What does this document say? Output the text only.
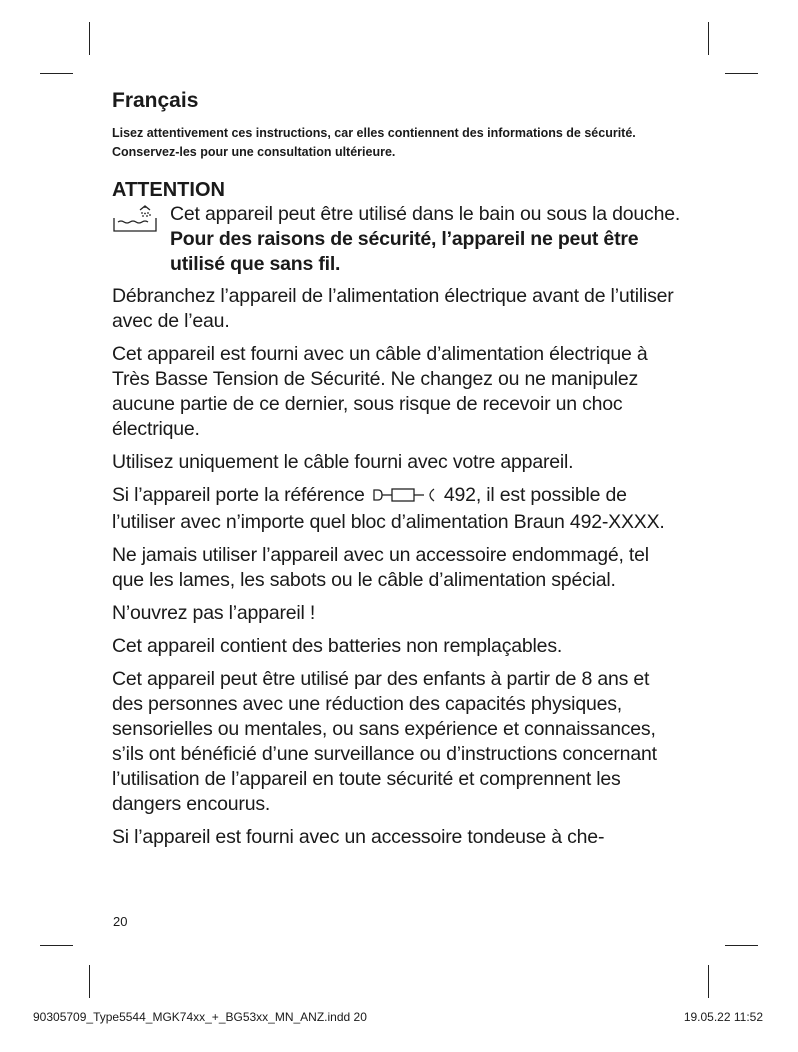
Français

Lisez attentivement ces instructions, car elles contiennent des informations de sécurité. Conservez-les pour une consultation ultérieure.

ATTENTION
Cet appareil peut être utilisé dans le bain ou sous la douche. Pour des raisons de sécurité, l’appareil ne peut être utilisé que sans fil.

Débranchez l’appareil de l’alimentation électrique avant de l’utiliser avec de l’eau.

Cet appareil est fourni avec un câble d’alimentation électrique à Très Basse Tension de Sécurité. Ne changez ou ne manipulez aucune partie de ce dernier, sous risque de recevoir un choc électrique.

Utilisez uniquement le câble fourni avec votre appareil.

Si l’appareil porte la référence	492, il est possible de l’utiliser avec n’importe quel bloc d’alimentation Braun 492-XXXX.

Ne jamais utiliser l’appareil avec un accessoire endommagé, tel que les lames, les sabots ou le câble d’alimentation spécial.

N’ouvrez pas l’appareil !

Cet appareil contient des batteries non remplaçables.

Cet appareil peut être utilisé par des enfants à partir de 8 ans et des personnes avec une réduction des capacités physiques, sensorielles ou mentales, ou sans expérience et connaissances, s’ils ont bénéficié d’une surveillance ou d’instructions concernant l’utilisation de l’appareil en toute sécurité et comprennent les dangers encourus.

Si l’appareil est fourni avec un accessoire tondeuse à che-

20
90305709_Type5544_MGK74xx_+_BG53xx_MN_ANZ.indd 20	19.05.22 11:52
